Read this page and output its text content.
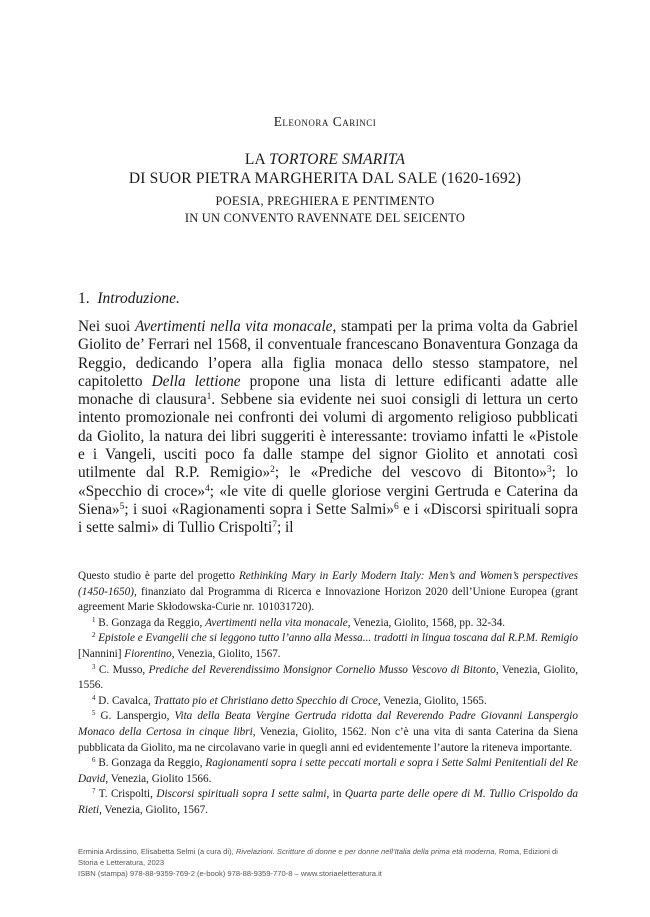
Eleonora Carinci
LA TORTORE SMARITA
DI SUOR PIETRA MARGHERITA DAL SALE (1620-1692)
POESIA, PREGHIERA E PENTIMENTO
IN UN CONVENTO RAVENNATE DEL SEICENTO
1. Introduzione.

Nei suoi Avertimenti nella vita monacale, stampati per la prima volta da Gabriel Giolito de’ Ferrari nel 1568, il conventuale francescano Bonaventura Gonzaga da Reggio, dedicando l’opera alla figlia monaca dello stesso stampatore, nel capitoletto Della lettione propone una lista di letture edificanti adatte alle monache di clausura$^1$. Sebbene sia evidente nei suoi consigli di lettura un certo intento promozionale nei confronti dei volumi di argomento religioso pubblicati da Giolito, la natura dei libri suggeriti è interessante: troviamo infatti le «Pistole e i Vangeli, usciti poco fa dalle stampe del signor Giolito et annotati così utilmente dal R.P. Remigio»$^2$; le «Prediche del vescovo di Bitonto»$^3$; lo «Specchio di croce»$^4$; «le vite di quelle gloriose vergini Gertruda e Caterina da Siena»$^5$; i suoi «Ragionamenti sopra i Sette Salmi»$^6$ e i «Discorsi spirituali sopra i sette salmi» di Tullio Crispolti$^7$; il

Questo studio è parte del progetto Rethinking Mary in Early Modern Italy: Men’s and Women’s perspectives (1450-1650), finanziato dal Programma di Ricerca e Innovazione Horizon 2020 dell’Unione Europea (grant agreement Marie Skłodowska-Curie nr. 101031720).

$^1$ B. Gonzaga da Reggio, Avertimenti nella vita monacale, Venezia, Giolito, 1568, pp. 32-34.

$^2$ Epistole e Evangelii che si leggono tutto l’anno alla Messa... tradotti in lingua toscana dal R.P.M. Remigio [Nannini] Fiorentino, Venezia, Giolito, 1567.

$^3$ C. Musso, Prediche del Reverendissimo Monsignor Cornelio Musso Vescovo di Bitonto, Venezia, Giolito, 1556.

$^4$ D. Cavalca, Trattato pio et Christiano detto Specchio di Croce, Venezia, Giolito, 1565.

$^5$ G. Lanspergio, Vita della Beata Vergine Gertruda ridotta dal Reverendo Padre Giovanni Lanspergio Monaco della Certosa in cinque libri, Venezia, Giolito, 1562. Non c’è una vita di santa Caterina da Siena pubblicata da Giolito, ma ne circolavano varie in quegli anni ed evidentemente l’autore la riteneva importante.

$^6$ B. Gonzaga da Reggio, Ragionamenti sopra i sette peccati mortali e sopra i Sette Salmi Penitentiali del Re David, Venezia, Giolito 1566.

$^7$ T. Crispolti, Discorsi spirituali sopra I sette salmi, in Quarta parte delle opere di M. Tullio Crispoldo da Rieti, Venezia, Giolito, 1567.

Erminia Ardissino, Elisabetta Selmi (a cura di), Rivelazioni. Scritture di donne e per donne nell’Italia della prima età moderna, Roma, Edizioni di Storia e Letteratura, 2023

ISBN (stampa) 978-88-9359-769-2 (e-book) 978-88-9359-770-8 – www.storiaeletteratura.it
